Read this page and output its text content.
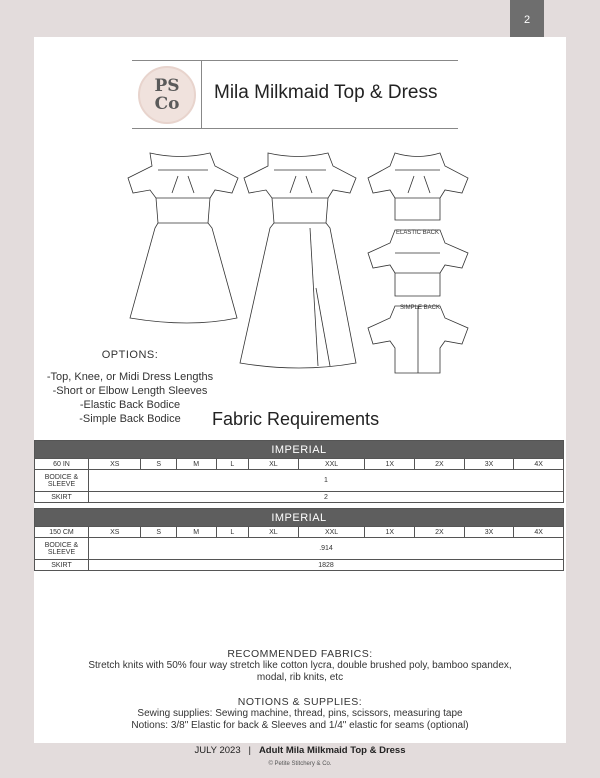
2
PS
Co
Mila Milkmaid Top & Dress
ELASTIC BACK
SIMPLE BACK
OPTIONS:
-Top, Knee, or Midi Dress Lengths
-Short or Elbow Length Sleeves
-Elastic Back Bodice
-Simple Back Bodice	Fabric Requirements
IMPERIAL										
60 IN	XS	S	M	L	XL	XXL	1X	2X	3X	4X
BODICE & SLEEVE	1									
SKIRT	2									
IMPERIAL										
150 CM	XS	S	M	L	XL	XXL	1X	2X	3X	4X
BODICE & SLEEVE	.914									
SKIRT	1828									
RECOMMENDED FABRICS:
Stretch knits with 50% four way stretch like cotton lycra, double brushed poly, bamboo spandex,
modal, rib knits, etc
NOTIONS & SUPPLIES:
Sewing supplies: Sewing machine, thread, pins, scissors, measuring tape
Notions: 3/8" Elastic for back & Sleeves and 1/4" elastic for seams (optional)
JULY 2023 | Adult Mila Milkmaid Top & Dress
© Petite Stitchery & Co.
